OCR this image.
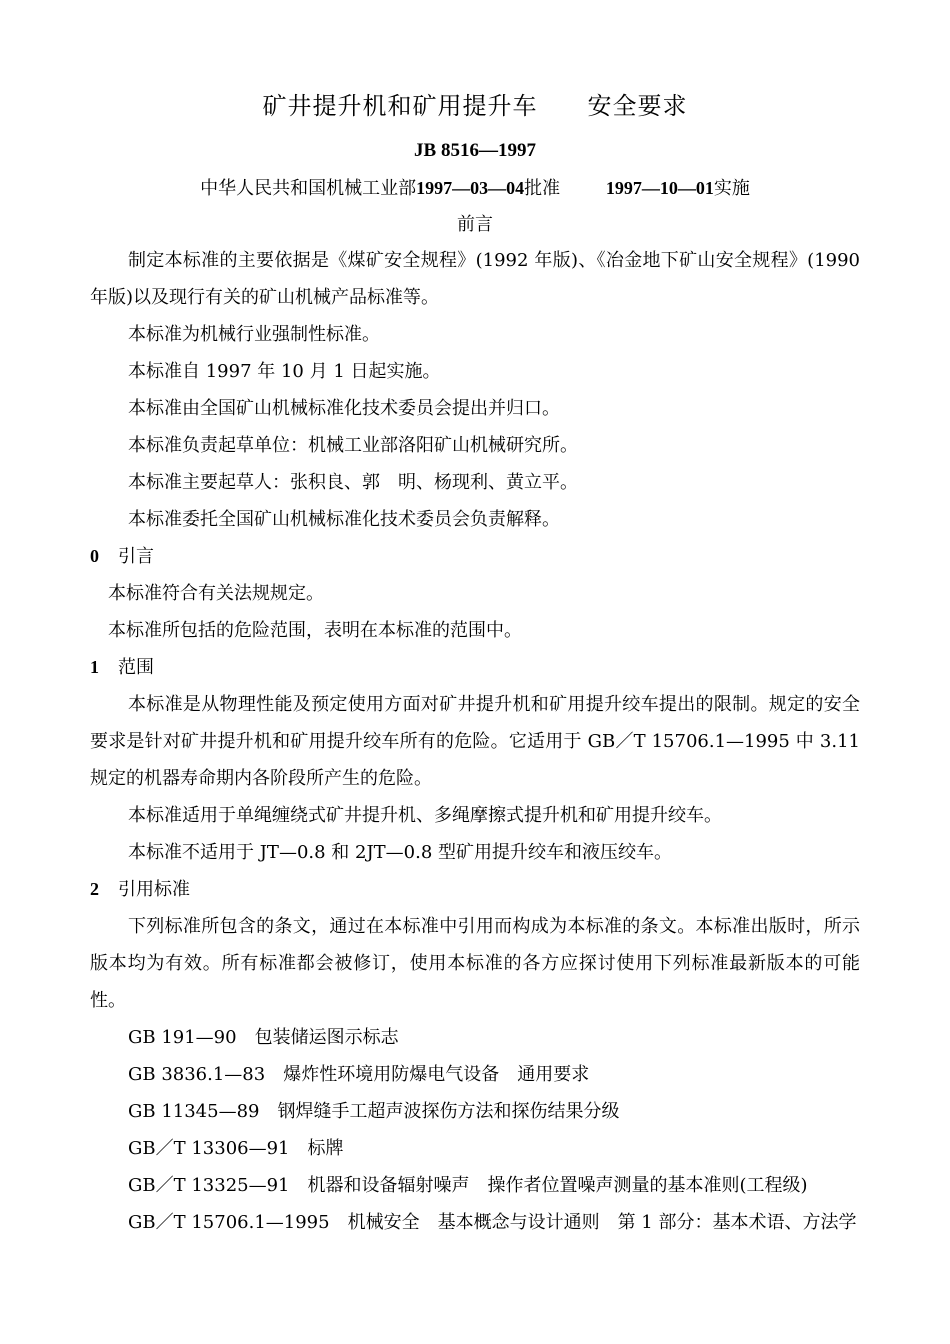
矿井提升机和矿用提升车　　安全要求
JB 8516—1997
中华人民共和国机械工业部1997—03—04批准	1997—10—01实施
前言

制定本标准的主要依据是《煤矿安全规程》(1992 年版)、《冶金地下矿山安全规程》(1990 年版)以及现行有关的矿山机械产品标准等。

本标准为机械行业强制性标准。

本标准自 1997 年 10 月 1 日起实施。

本标准由全国矿山机械标准化技术委员会提出并归口。

本标准负责起草单位：机械工业部洛阳矿山机械研究所。

本标准主要起草人：张积良、郭　明、杨现利、黄立平。

本标准委托全国矿山机械标准化技术委员会负责解释。

0 引言

本标准符合有关法规规定。

本标准所包括的危险范围，表明在本标准的范围中。

1 范围

本标准是从物理性能及预定使用方面对矿井提升机和矿用提升绞车提出的限制。规定的安全要求是针对矿井提升机和矿用提升绞车所有的危险。它适用于 GB／T 15706.1—1995 中 3.11 规定的机器寿命期内各阶段所产生的危险。

本标准适用于单绳缠绕式矿井提升机、多绳摩擦式提升机和矿用提升绞车。

本标准不适用于 JT—0.8 和 2JT—0.8 型矿用提升绞车和液压绞车。

2 引用标准

下列标准所包含的条文，通过在本标准中引用而构成为本标准的条文。本标准出版时，所示版本均为有效。所有标准都会被修订，使用本标准的各方应探讨使用下列标准最新版本的可能性。

GB 191—90　包装储运图示标志

GB 3836.1—83　爆炸性环境用防爆电气设备　通用要求

GB 11345—89　钢焊缝手工超声波探伤方法和探伤结果分级

GB／T 13306—91　标牌

GB／T 13325—91　机器和设备辐射噪声　操作者位置噪声测量的基本准则(工程级)

GB／T 15706.1—1995　机械安全　基本概念与设计通则　第 1 部分：基本术语、方法学
